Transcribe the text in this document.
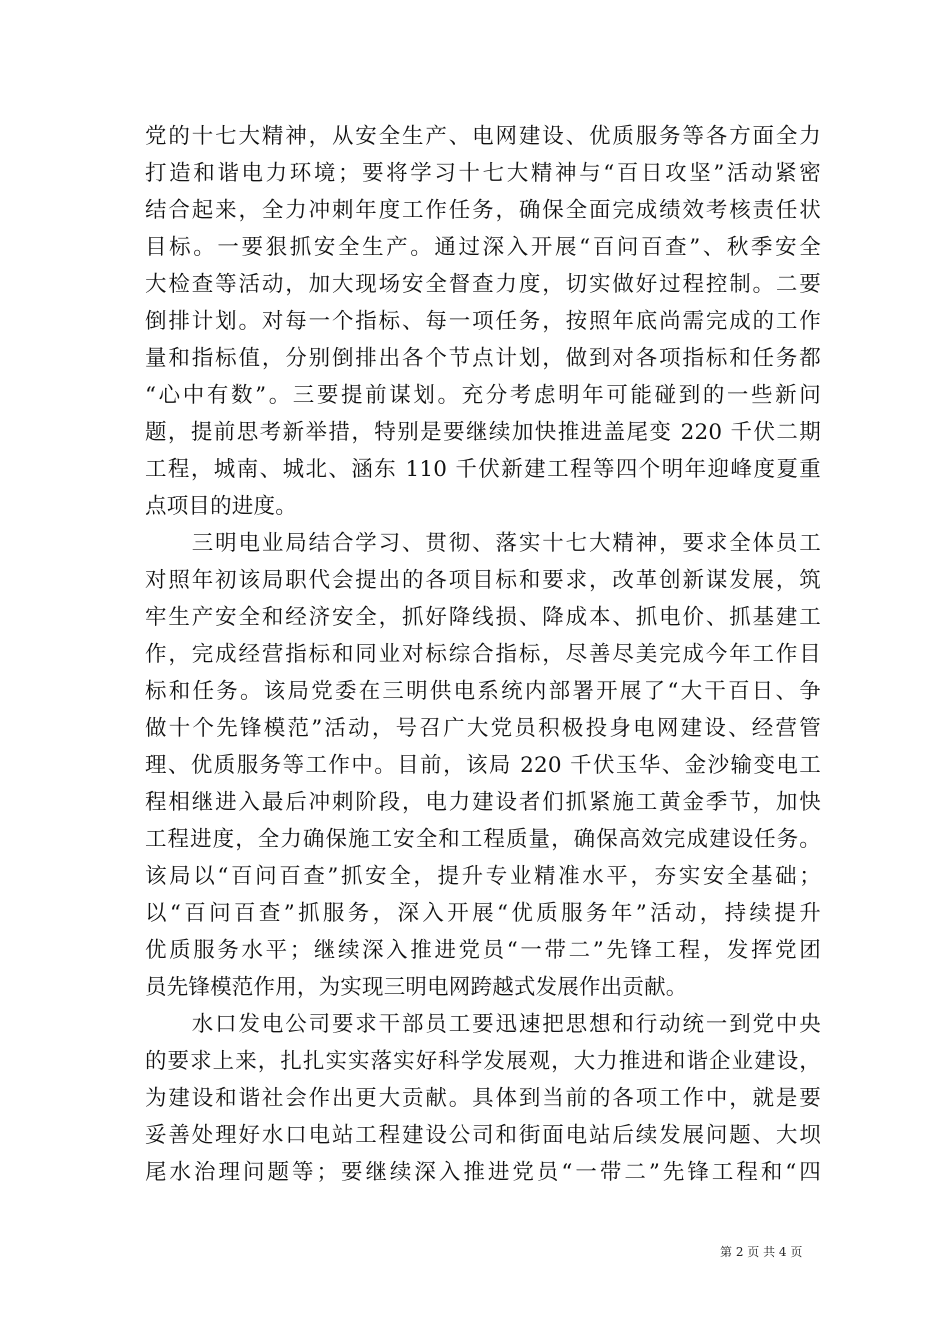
党的十七大精神，从安全生产、电网建设、优质服务等各方面全力
打造和谐电力环境；要将学习十七大精神与“百日攻坚”活动紧密
结合起来，全力冲刺年度工作任务，确保全面完成绩效考核责任状
目标。一要狠抓安全生产。通过深入开展“百问百查”、秋季安全
大检查等活动，加大现场安全督查力度，切实做好过程控制。二要
倒排计划。对每一个指标、每一项任务，按照年底尚需完成的工作
量和指标值，分别倒排出各个节点计划，做到对各项指标和任务都
“心中有数”。三要提前谋划。充分考虑明年可能碰到的一些新问
题，提前思考新举措，特别是要继续加快推进盖尾变 220 千伏二期
工程，城南、城北、涵东 110 千伏新建工程等四个明年迎峰度夏重
点项目的进度。
　　三明电业局结合学习、贯彻、落实十七大精神，要求全体员工
对照年初该局职代会提出的各项目标和要求，改革创新谋发展，筑
牢生产安全和经济安全，抓好降线损、降成本、抓电价、抓基建工
作，完成经营指标和同业对标综合指标，尽善尽美完成今年工作目
标和任务。该局党委在三明供电系统内部署开展了“大干百日、争
做十个先锋模范”活动，号召广大党员积极投身电网建设、经营管
理、优质服务等工作中。目前，该局 220 千伏玉华、金沙输变电工
程相继进入最后冲刺阶段，电力建设者们抓紧施工黄金季节，加快
工程进度，全力确保施工安全和工程质量，确保高效完成建设任务。
该局以“百问百查”抓安全，提升专业精准水平，夯实安全基础；
以“百问百查”抓服务，深入开展“优质服务年”活动，持续提升
优质服务水平；继续深入推进党员“一带二”先锋工程，发挥党团
员先锋模范作用，为实现三明电网跨越式发展作出贡献。
　　水口发电公司要求干部员工要迅速把思想和行动统一到党中央
的要求上来，扎扎实实落实好科学发展观，大力推进和谐企业建设，
为建设和谐社会作出更大贡献。具体到当前的各项工作中，就是要
妥善处理好水口电站工程建设公司和街面电站后续发展问题、大坝
尾水治理问题等；要继续深入推进党员“一带二”先锋工程和“四
第 2 页 共 4 页
